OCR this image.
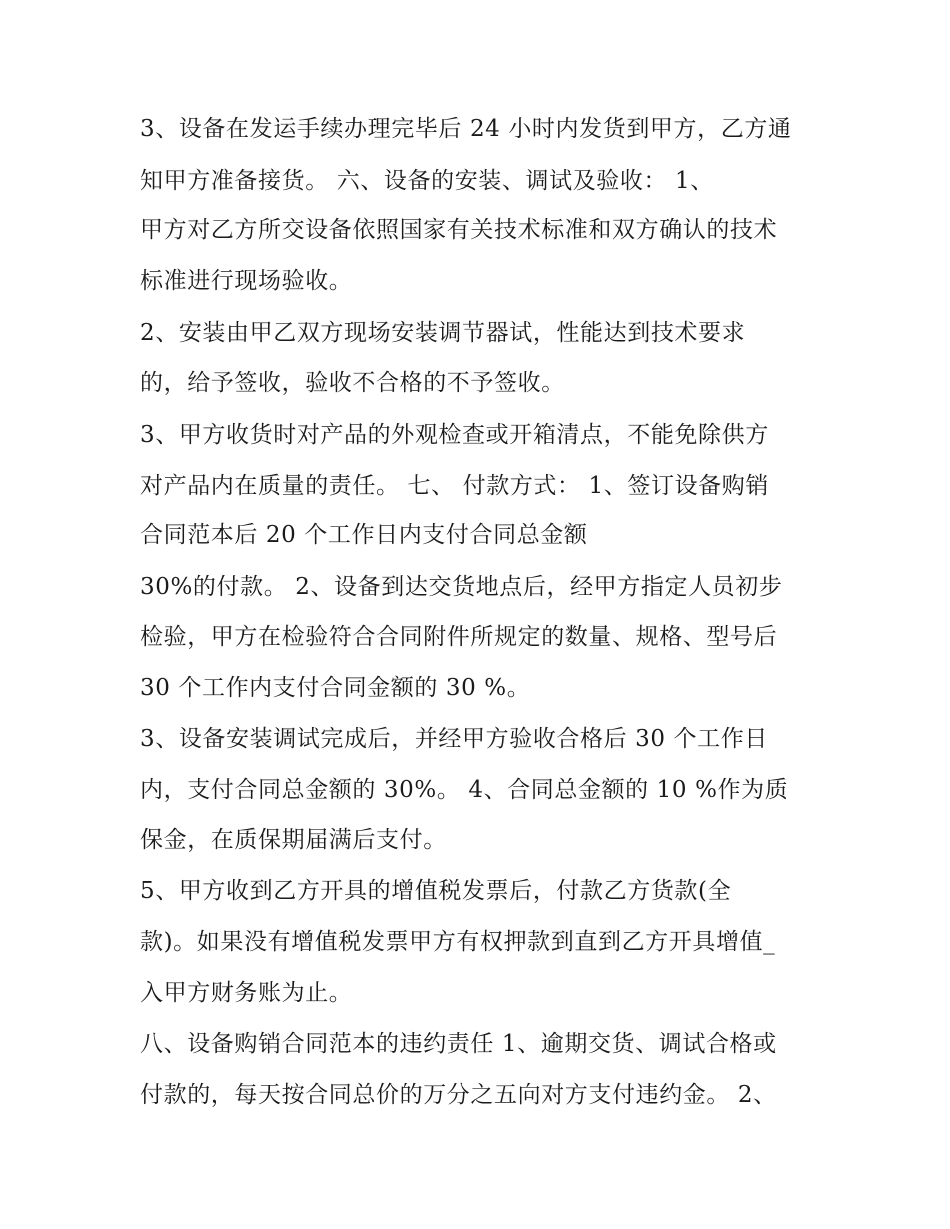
3、设备在发运手续办理完毕后 24 小时内发货到甲方，乙方通
知甲方准备接货。 六、设备的安装、调试及验收： 1、
甲方对乙方所交设备依照国家有关技术标准和双方确认的技术
标准进行现场验收。
2、安装由甲乙双方现场安装调节器试，性能达到技术要求
的，给予签收，验收不合格的不予签收。
3、甲方收货时对产品的外观检查或开箱清点，不能免除供方
对产品内在质量的责任。 七、 付款方式： 1、签订设备购销
合同范本后 20 个工作日内支付合同总金额
30%的付款。 2、设备到达交货地点后，经甲方指定人员初步
检验，甲方在检验符合合同附件所规定的数量、规格、型号后
30 个工作内支付合同金额的 30 %。
3、设备安装调试完成后，并经甲方验收合格后 30 个工作日
内，支付合同总金额的 30%。 4、合同总金额的 10 %作为质
保金，在质保期届满后支付。
5、甲方收到乙方开具的增值税发票后，付款乙方货款(全
款)。如果没有增值税发票甲方有权押款到直到乙方开具增值_
入甲方财务账为止。
八、设备购销合同范本的违约责任 1、逾期交货、调试合格或
付款的，每天按合同总价的万分之五向对方支付违约金。 2、
